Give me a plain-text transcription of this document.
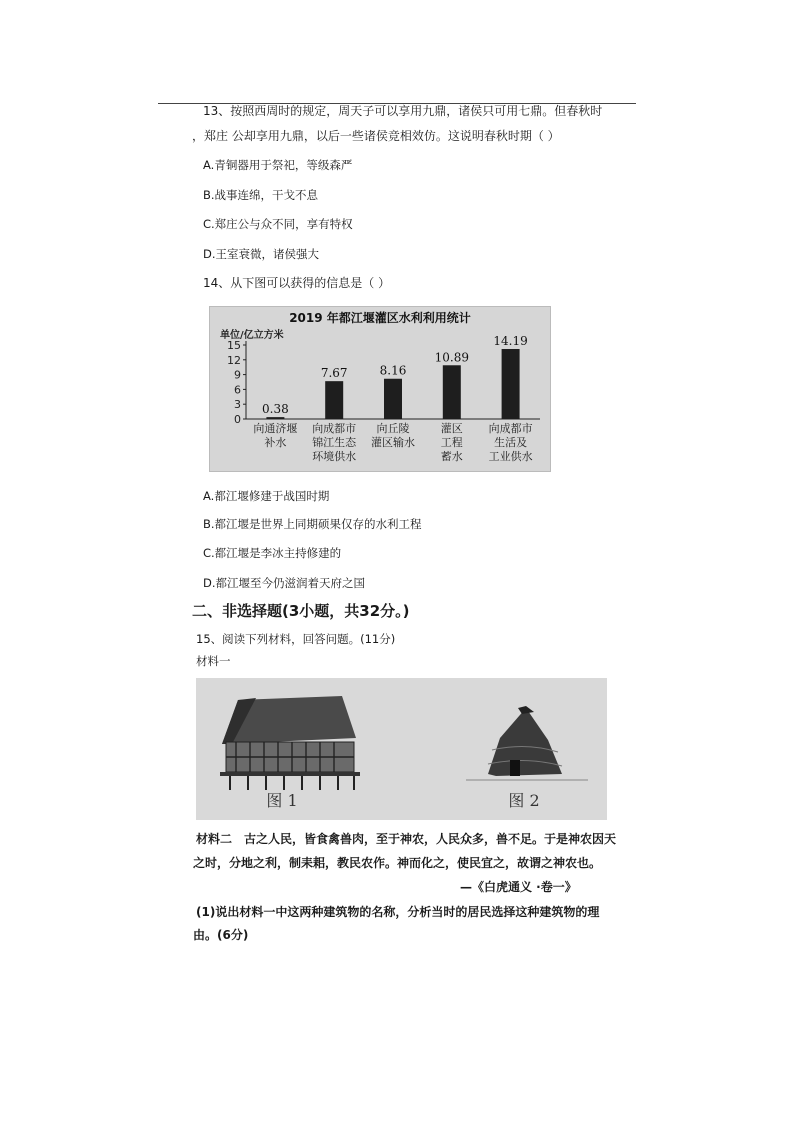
13、按照西周时的规定，周天子可以享用九鼎，诸侯只可用七鼎。但春秋时
，郑庄 公却享用九鼎，以后一些诸侯竞相效仿。这说明春秋时期（ ）
A.青铜器用于祭祀，等级森严
B.战事连绵，干戈不息
C.郑庄公与众不同，享有特权
D.王室衰微，诸侯强大
14、从下图可以获得的信息是（ ）
2019 年都江堰灌区水利利用统计
单位/亿立方米
15
12
9
6
3
0
0.38
向通济堰
补水
7.67
向成都市
锦江生态
环境供水
8.16
向丘陵
灌区输水
10.89
灌区
工程
蓄水
14.19
向成都市
生活及
工业供水
A.都江堰修建于战国时期
B.都江堰是世界上同期硕果仅存的水利工程
C.都江堰是李冰主持修建的
D.都江堰至今仍滋润着天府之国
二、非选择题(3小题，共32分。)
15、阅读下列材料，回答问题。(11分)
材料一
图 1	图 2
材料二　古之人民，皆食禽兽肉，至于神农，人民众多，兽不足。于是神农因天
之时，分地之利，制耒耜，教民农作。神而化之，使民宜之，故谓之神农也。
—《白虎通义 ·卷一》
(1)说出材料一中这两种建筑物的名称，分析当时的居民选择这种建筑物的理
由。(6分)
